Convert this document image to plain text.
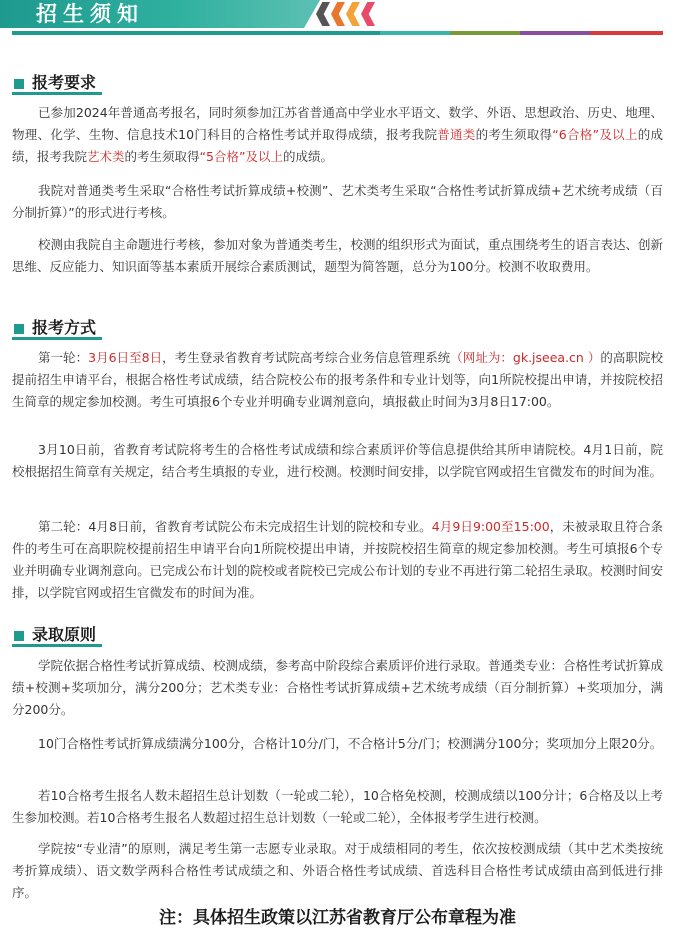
招生须知
报考要求
已参加2024年普通高考报名，同时须参加江苏省普通高中学业水平语文、数学、外语、思想政治、历史、地理、物理、化学、生物、信息技术10门科目的合格性考试并取得成绩，报考我院普通类的考生须取得“6合格”及以上的成绩，报考我院艺术类的考生须取得“5合格”及以上的成绩。
我院对普通类考生采取“合格性考试折算成绩+校测”、艺术类考生采取“合格性考试折算成绩+艺术统考成绩（百分制折算）”的形式进行考核。
校测由我院自主命题进行考核，参加对象为普通类考生，校测的组织形式为面试，重点围绕考生的语言表达、创新思维、反应能力、知识面等基本素质开展综合素质测试，题型为简答题，总分为100分。校测不收取费用。
报考方式
第一轮：3月6日至8日，考生登录省教育考试院高考综合业务信息管理系统（网址为：gk.jseea.cn ）的高职院校提前招生申请平台，根据合格性考试成绩，结合院校公布的报考条件和专业计划等，向1所院校提出申请，并按院校招生简章的规定参加校测。考生可填报6个专业并明确专业调剂意向，填报截止时间为3月8日17:00。
3月10日前，省教育考试院将考生的合格性考试成绩和综合素质评价等信息提供给其所申请院校。4月1日前，院校根据招生简章有关规定，结合考生填报的专业，进行校测。校测时间安排，以学院官网或招生官微发布的时间为准。
第二轮：4月8日前，省教育考试院公布未完成招生计划的院校和专业。4月9日9:00至15:00，未被录取且符合条件的考生可在高职院校提前招生申请平台向1所院校提出申请，并按院校招生简章的规定参加校测。考生可填报6个专业并明确专业调剂意向。已完成公布计划的院校或者院校已完成公布计划的专业不再进行第二轮招生录取。校测时间安排，以学院官网或招生官微发布的时间为准。
录取原则
学院依据合格性考试折算成绩、校测成绩，参考高中阶段综合素质评价进行录取。普通类专业：合格性考试折算成绩+校测+奖项加分，满分200分；艺术类专业：合格性考试折算成绩+艺术统考成绩（百分制折算）+奖项加分，满分200分。
10门合格性考试折算成绩满分100分，合格计10分/门，不合格计5分/门；校测满分100分；奖项加分上限20分。
若10合格考生报名人数未超招生总计划数（一轮或二轮），10合格免校测，校测成绩以100分计；6合格及以上考生参加校测。若10合格考生报名人数超过招生总计划数（一轮或二轮），全体报考学生进行校测。
学院按“专业清”的原则，满足考生第一志愿专业录取。对于成绩相同的考生，依次按校测成绩（其中艺术类按统考折算成绩）、语文数学两科合格性考试成绩之和、外语合格性考试成绩、首选科目合格性考试成绩由高到低进行排序。
注：具体招生政策以江苏省教育厅公布章程为准
